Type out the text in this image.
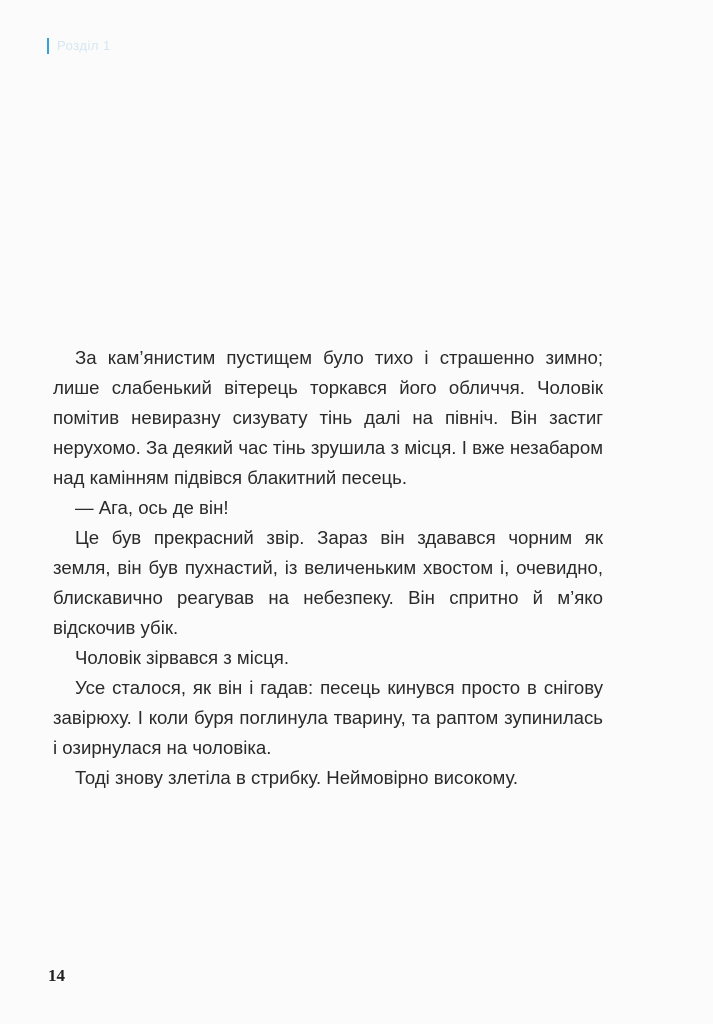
Розділ 1

За кам’янистим пустищем було тихо і страшенно зимно; лише слабенький вітерець торкався його обличчя. Чоловік помітив невиразну сизувату тінь далі на північ. Він застиг нерухомо. За деякий час тінь зрушила з місця. І вже незабаром над камінням підвівся блакитний песець.

— Ага, ось де він!

Це був прекрасний звір. Зараз він здавався чорним як земля, він був пухнастий, із величеньким хвостом і, очевидно, блискавично реагував на небезпеку. Він спритно й м’яко відскочив убік.

Чоловік зірвався з місця.

Усе сталося, як він і гадав: песець кинувся просто в снігову завірюху. І коли буря поглинула тварину, та раптом зупинилась і озирнулася на чоловіка.

Тоді знову злетіла в стрибку. Неймовірно високому.

14
